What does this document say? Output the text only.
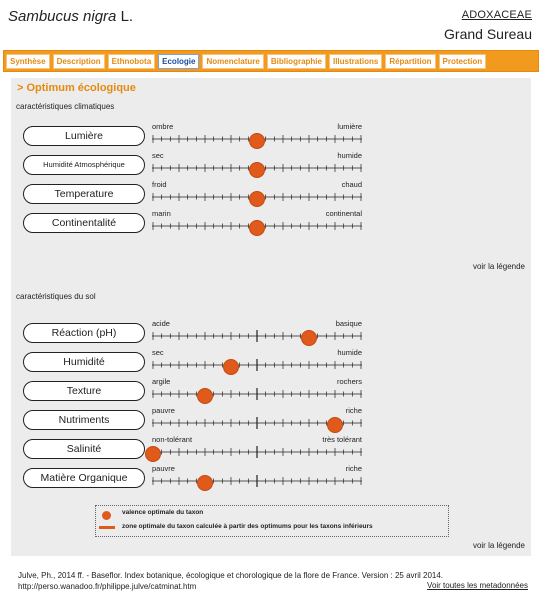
Sambucus nigra L.	ADOXACEAE
Grand Sureau
Synthèse	Description	Ethnobota	Ecologie	Nomenclature	Bibliographie	Illustrations	Répartition	Protection
> Optimum écologique
caractéristiques climatiques
Lumière
ombre	lumière
Humidité Atmosphérique
sec	humide
Temperature
froid	chaud
Continentalité
marin	continental
voir la légende
caractéristiques du sol
Réaction (pH)
acide	basique
Humidité
sec	humide
Texture
argile	rochers
Nutriments
pauvre	riche
Salinité
non-tolérant	très tolérant
Matière Organique
pauvre	riche
valence optimale du taxon
zone optimale du taxon calculée à partir des optimums pour les taxons inférieurs
voir la légende
Julve, Ph., 2014 ff. - Baseflor. Index botanique, écologique et chorologique de la flore de France. Version : 25 avril 2014. http://perso.wanadoo.fr/philippe.julve/catminat.htm	Voir toutes les metadonnées
